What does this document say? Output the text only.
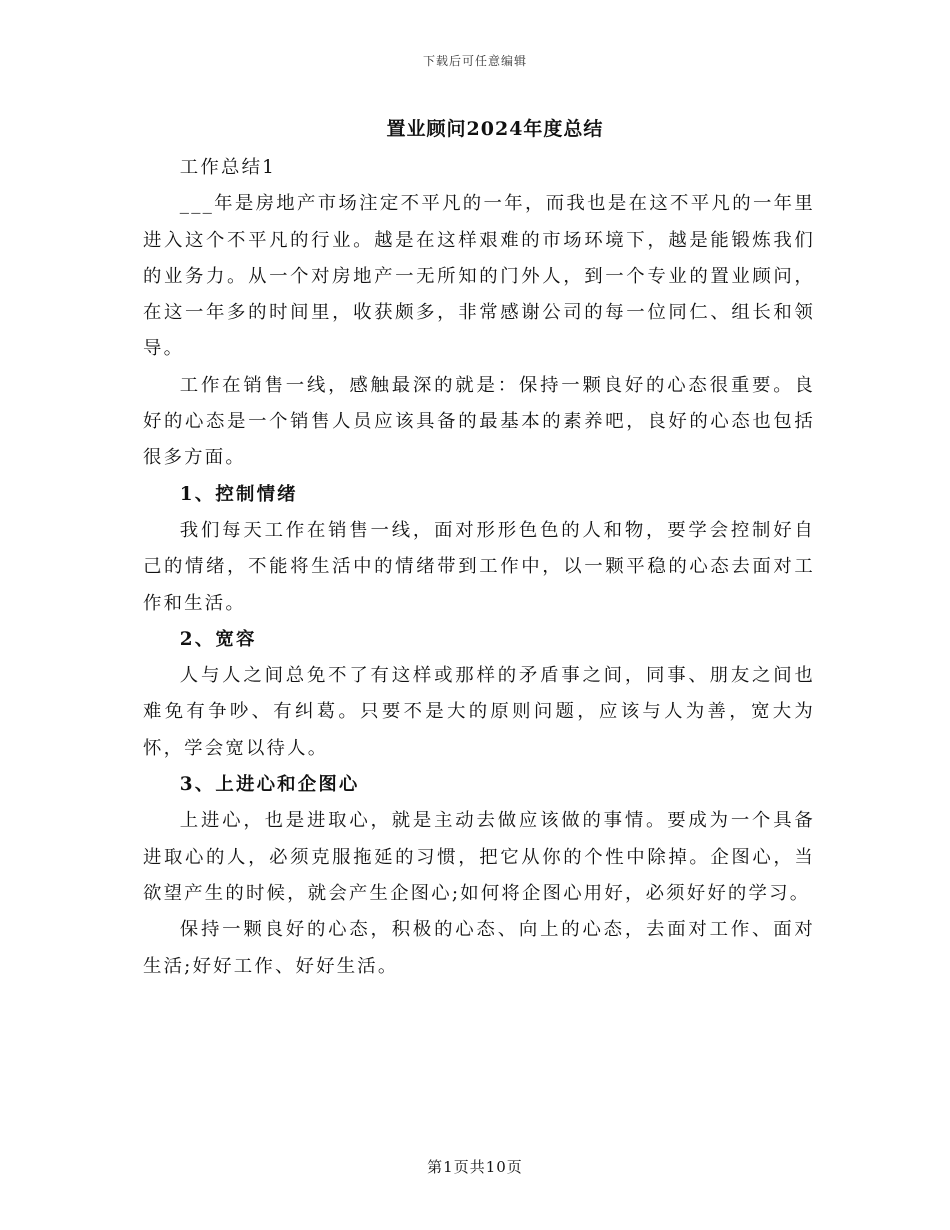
下载后可任意编辑
置业顾问2024年度总结

工作总结1

___年是房地产市场注定不平凡的一年，而我也是在这不平凡的一年里进入这个不平凡的行业。越是在这样艰难的市场环境下，越是能锻炼我们的业务力。从一个对房地产一无所知的门外人，到一个专业的置业顾问，在这一年多的时间里，收获颇多，非常感谢公司的每一位同仁、组长和领导。

工作在销售一线，感触最深的就是：保持一颗良好的心态很重要。良好的心态是一个销售人员应该具备的最基本的素养吧，良好的心态也包括很多方面。

1、控制情绪

我们每天工作在销售一线，面对形形色色的人和物，要学会控制好自己的情绪，不能将生活中的情绪带到工作中，以一颗平稳的心态去面对工作和生活。

2、宽容

人与人之间总免不了有这样或那样的矛盾事之间，同事、朋友之间也难免有争吵、有纠葛。只要不是大的原则问题，应该与人为善，宽大为怀，学会宽以待人。

3、上进心和企图心

上进心，也是进取心，就是主动去做应该做的事情。要成为一个具备进取心的人，必须克服拖延的习惯，把它从你的个性中除掉。企图心，当欲望产生的时候，就会产生企图心;如何将企图心用好，必须好好的学习。

保持一颗良好的心态，积极的心态、向上的心态，去面对工作、面对生活;好好工作、好好生活。

第1页共10页
